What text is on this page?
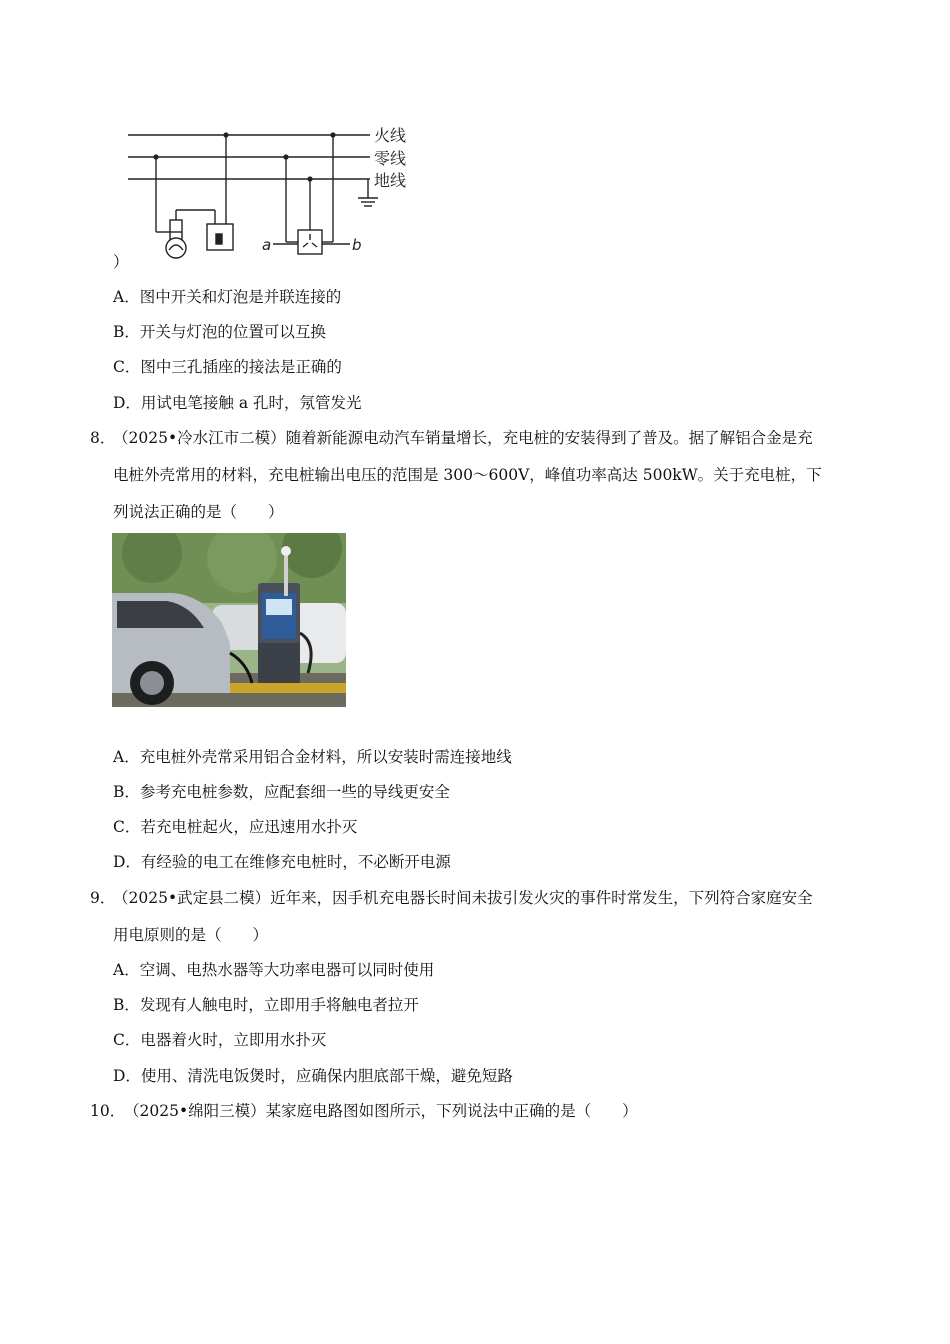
火线
零线
地线
a	b
）
A．图中开关和灯泡是并联连接的
B．开关与灯泡的位置可以互换
C．图中三孔插座的接法是正确的
D．用试电笔接触 a 孔时，氖管发光
8．
（2025•冷水江市二模）随着新能源电动汽车销量增长，充电桩的安装得到了普及。据了解铝合金是充
电桩外壳常用的材料，充电桩输出电压的范围是 300～600V，峰值功率高达 500kW。关于充电桩，下
列说法正确的是（　　）
A．充电桩外壳常采用铝合金材料，所以安装时需连接地线
B．参考充电桩参数，应配套细一些的导线更安全
C．若充电桩起火，应迅速用水扑灭
D．有经验的电工在维修充电桩时，不必断开电源
9．
（2025•武定县二模）近年来，因手机充电器长时间未拔引发火灾的事件时常发生，下列符合家庭安全
用电原则的是（　　）
A．空调、电热水器等大功率电器可以同时使用
B．发现有人触电时，立即用手将触电者拉开
C．电器着火时，立即用水扑灭
D．使用、清洗电饭煲时，应确保内胆底部干燥，避免短路
10．
（2025•绵阳三模）某家庭电路图如图所示，下列说法中正确的是（　　）
